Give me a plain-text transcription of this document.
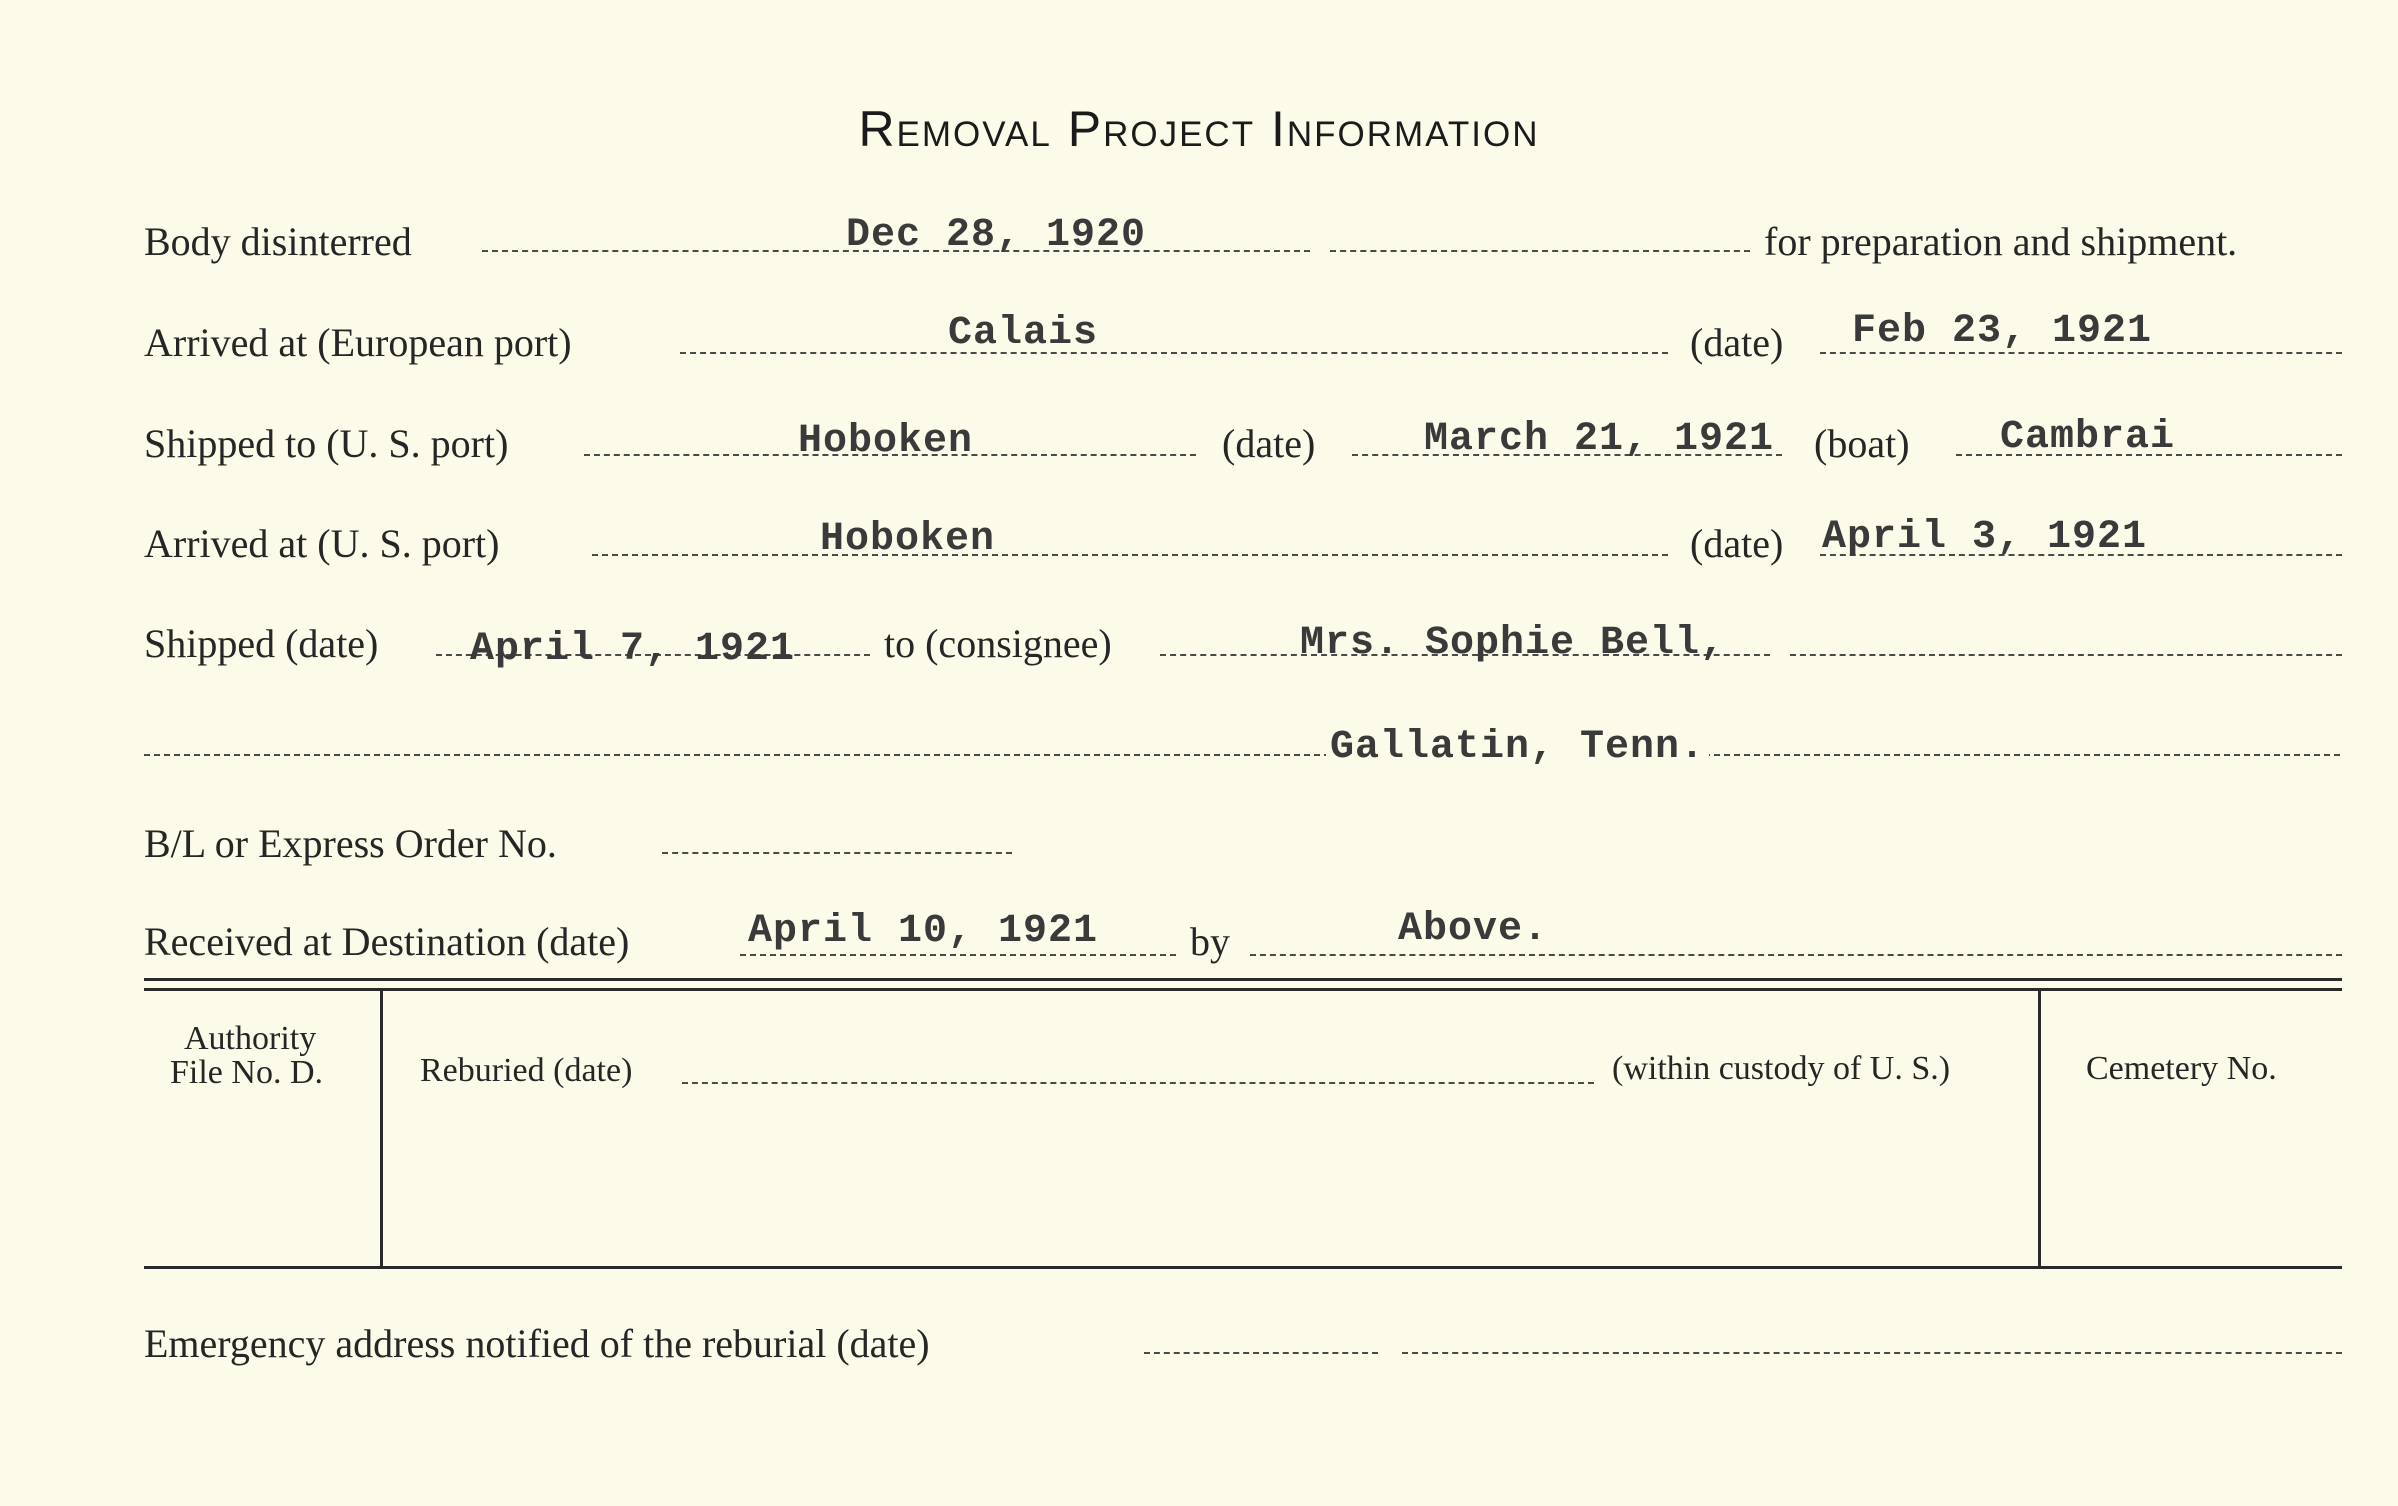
Removal Project Information
Body disinterred	Dec 28, 1920	for preparation and shipment.
Arrived at (European port)	Calais	(date) Feb 23, 1921
Shipped to (U. S. port)	Hoboken	(date)	March 21, 1921 (boat) Cambrai
Arrived at (U. S. port)	Hoboken	(date) April 3, 1921
Shipped (date) April 7, 1921 to (consignee)	Mrs. Sophie Bell,
Gallatin, Tenn.
B/L or Express Order No.
Received at Destination (date)	April 10, 1921 by	Above.
Authority
File No. D.	Reburied (date)	(within custody of U. S.)	Cemetery No.
Emergency address notified of the reburial (date)
